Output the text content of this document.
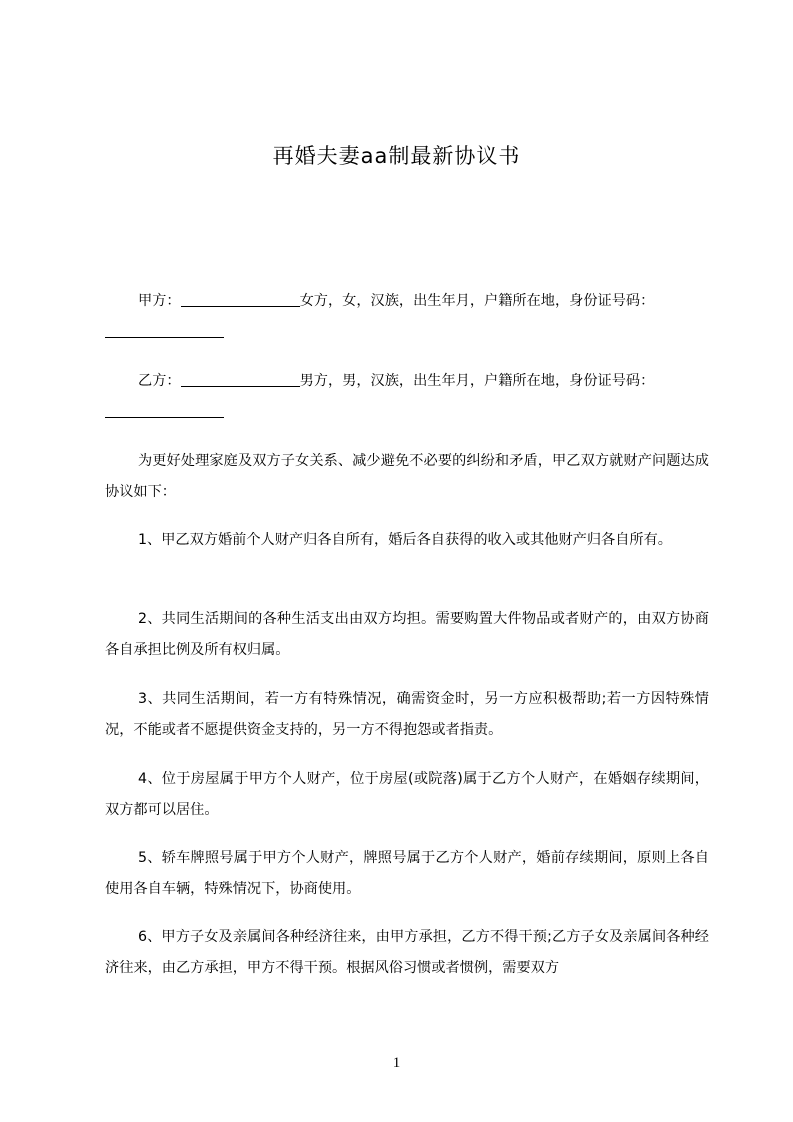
再婚夫妻aa制最新协议书
甲方：	女方，女，汉族，出生年月，户籍所在地，身份证号码：

乙方：	男方，男，汉族，出生年月，户籍所在地，身份证号码：

为更好处理家庭及双方子女关系、减少避免不必要的纠纷和矛盾，甲乙双方就财产问题达成协议如下：
1、甲乙双方婚前个人财产归各自所有，婚后各自获得的收入或其他财产归各自所有。
2、共同生活期间的各种生活支出由双方均担。需要购置大件物品或者财产的，由双方协商各自承担比例及所有权归属。
3、共同生活期间，若一方有特殊情况，确需资金时，另一方应积极帮助;若一方因特殊情况，不能或者不愿提供资金支持的，另一方不得抱怨或者指责。
4、位于房屋属于甲方个人财产，位于房屋(或院落)属于乙方个人财产，在婚姻存续期间，双方都可以居住。
5、轿车牌照号属于甲方个人财产，牌照号属于乙方个人财产，婚前存续期间，原则上各自使用各自车辆，特殊情况下，协商使用。
6、甲方子女及亲属间各种经济往来，由甲方承担，乙方不得干预;乙方子女及亲属间各种经济往来，由乙方承担，甲方不得干预。根据风俗习惯或者惯例，需要双方
1
